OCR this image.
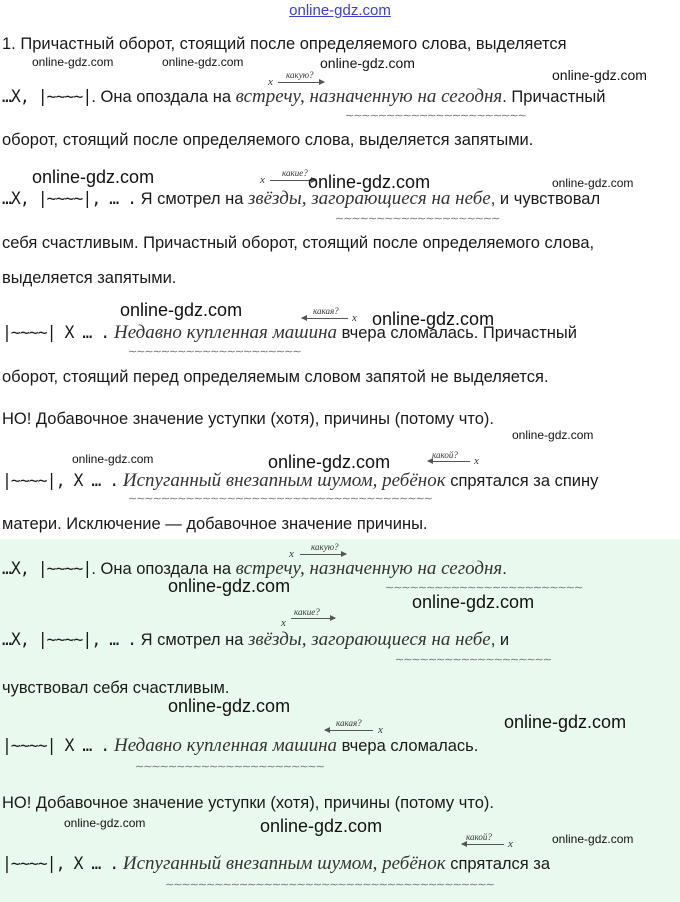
online-gdz.com
1. Причастный оборот, стоящий после определяемого слова, выделяется
…X, |∼∼∼∼|. Она опоздала на встречу, назначенную на сегодня. Причастный
оборот, стоящий после определяемого слова, выделяется запятыми.
…X, |∼∼∼∼|, … . Я смотрел на звёзды, загорающиеся на небе, и чувствовал
себя счастливым. Причастный оборот, стоящий после определяемого слова,
выделяется запятыми.
|∼∼∼∼| X … . Недавно купленная машина вчера сломалась. Причастный
оборот, стоящий перед определяемым словом запятой не выделяется.
НО! Добавочное значение уступки (хотя), причины (потому что).
|∼∼∼∼|, X … . Испуганный внезапным шумом, ребёнок спрятался за спину
матери. Исключение — добавочное значение причины.
…X, |∼∼∼∼|. Она опоздала на встречу, назначенную на сегодня.
…X, |∼∼∼∼|, … . Я смотрел на звёзды, загорающиеся на небе, и
чувствовал себя счастливым.
|∼∼∼∼| X … . Недавно купленная машина вчера сломалась.
НО! Добавочное значение уступки (хотя), причины (потому что).
|∼∼∼∼|, X … . Испуганный внезапным шумом, ребёнок спрятался за
∼∼∼∼∼∼∼∼∼∼∼∼∼∼∼∼∼∼∼∼∼∼
∼∼∼∼∼∼∼∼∼∼∼∼∼∼∼∼∼∼∼∼
∼∼∼∼∼∼∼∼∼∼∼∼∼∼∼∼∼∼∼∼∼
∼∼∼∼∼∼∼∼∼∼∼∼∼∼∼∼∼∼∼∼∼∼∼∼∼∼∼∼∼∼∼∼∼∼∼∼∼
∼∼∼∼∼∼∼∼∼∼∼∼∼∼∼∼∼∼∼∼∼∼∼∼
∼∼∼∼∼∼∼∼∼∼∼∼∼∼∼∼∼∼∼
∼∼∼∼∼∼∼∼∼∼∼∼∼∼∼∼∼∼∼∼∼∼∼
∼∼∼∼∼∼∼∼∼∼∼∼∼∼∼∼∼∼∼∼∼∼∼∼∼∼∼∼∼∼∼∼∼∼∼∼∼∼∼∼
x
какую?
x
какие?
какая?
x
какой? x
x
какую?
x
какие?
какая?
x
какой?
x
online-gdz.com	online-gdz.com	online-gdz.com
online-gdz.com
online-gdz.com	online-gdz.com	online-gdz.com
online-gdz.com	online-gdz.com
online-gdz.com
online-gdz.com	online-gdz.com
online-gdz.com
online-gdz.com
online-gdz.com
online-gdz.com
online-gdz.com	online-gdz.com
online-gdz.com
